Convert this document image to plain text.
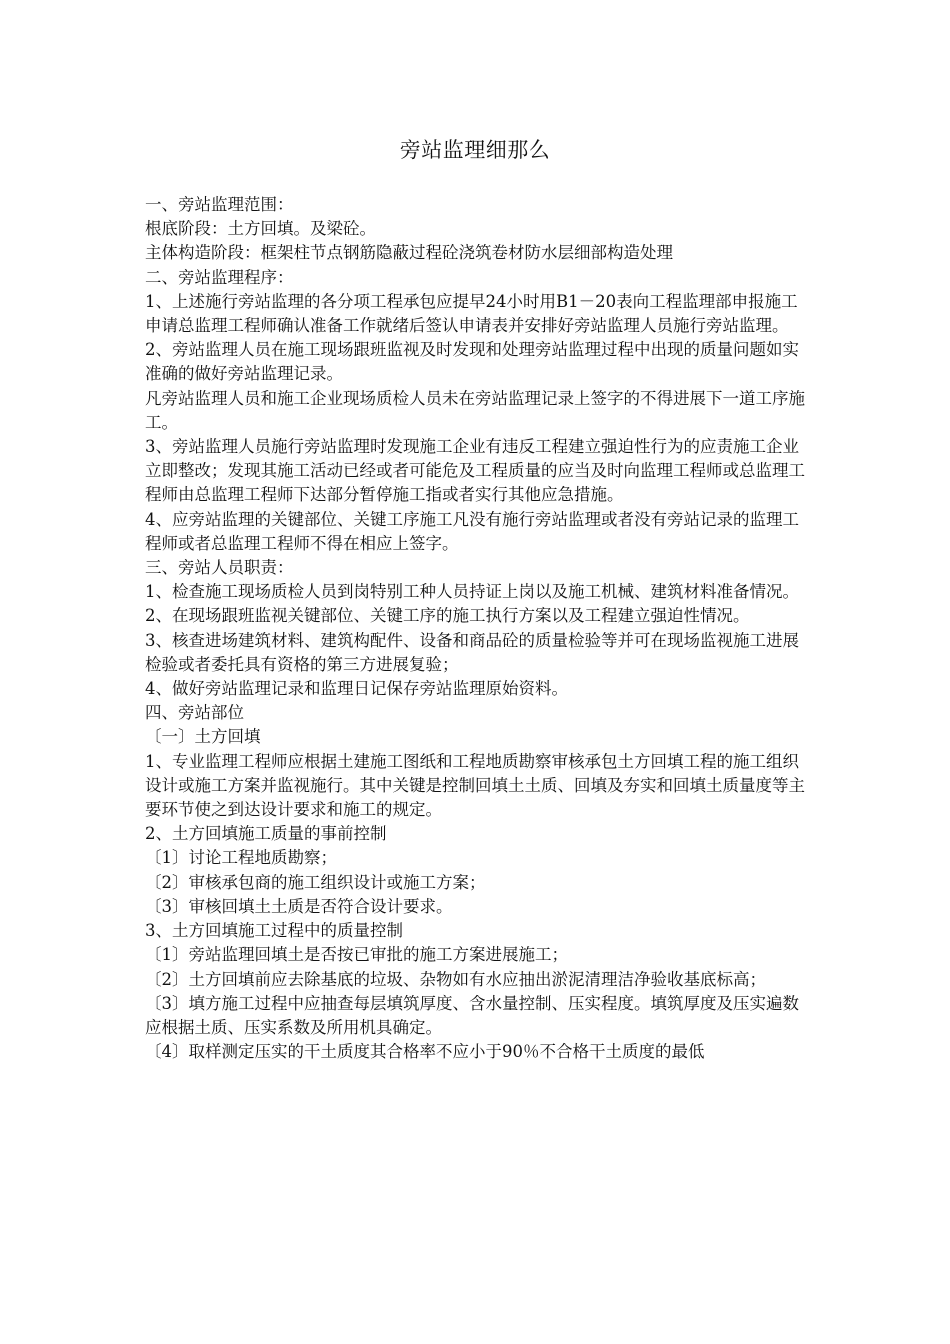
旁站监理细那么

一、旁站监理范围：

根底阶段：土方回填。及梁砼。

主体构造阶段：框架柱节点钢筋隐蔽过程砼浇筑卷材防水层细部构造处理

二、旁站监理程序：

1、上述施行旁站监理的各分项工程承包应提早24小时用B1－20表向工程监理部申报施工申请总监理工程师确认准备工作就绪后签认申请表并安排好旁站监理人员施行旁站监理。

2、旁站监理人员在施工现场跟班监视及时发现和处理旁站监理过程中出现的质量问题如实准确的做好旁站监理记录。

凡旁站监理人员和施工企业现场质检人员未在旁站监理记录上签字的不得进展下一道工序施工。

3、旁站监理人员施行旁站监理时发现施工企业有违反工程建立强迫性行为的应责施工企业立即整改；发现其施工活动已经或者可能危及工程质量的应当及时向监理工程师或总监理工程师由总监理工程师下达部分暂停施工指或者实行其他应急措施。

4、应旁站监理的关键部位、关键工序施工凡没有施行旁站监理或者没有旁站记录的监理工程师或者总监理工程师不得在相应上签字。

三、旁站人员职责：

1、检查施工现场质检人员到岗特别工种人员持证上岗以及施工机械、建筑材料准备情况。

2、在现场跟班监视关键部位、关键工序的施工执行方案以及工程建立强迫性情况。

3、核查进场建筑材料、建筑构配件、设备和商品砼的质量检验等并可在现场监视施工进展检验或者委托具有资格的第三方进展复验；

4、做好旁站监理记录和监理日记保存旁站监理原始资料。

四、旁站部位

〔一〕土方回填

1、专业监理工程师应根据土建施工图纸和工程地质勘察审核承包土方回填工程的施工组织设计或施工方案并监视施行。其中关键是控制回填土土质、回填及夯实和回填土质量度等主要环节使之到达设计要求和施工的规定。

2、土方回填施工质量的事前控制

〔1〕讨论工程地质勘察；

〔2〕审核承包商的施工组织设计或施工方案；

〔3〕审核回填土土质是否符合设计要求。

3、土方回填施工过程中的质量控制

〔1〕旁站监理回填土是否按已审批的施工方案进展施工；

〔2〕土方回填前应去除基底的垃圾、杂物如有水应抽出淤泥清理洁净验收基底标高；

〔3〕填方施工过程中应抽查每层填筑厚度、含水量控制、压实程度。填筑厚度及压实遍数应根据土质、压实系数及所用机具确定。

〔4〕取样测定压实的干土质度其合格率不应小于90％不合格干土质度的最低
